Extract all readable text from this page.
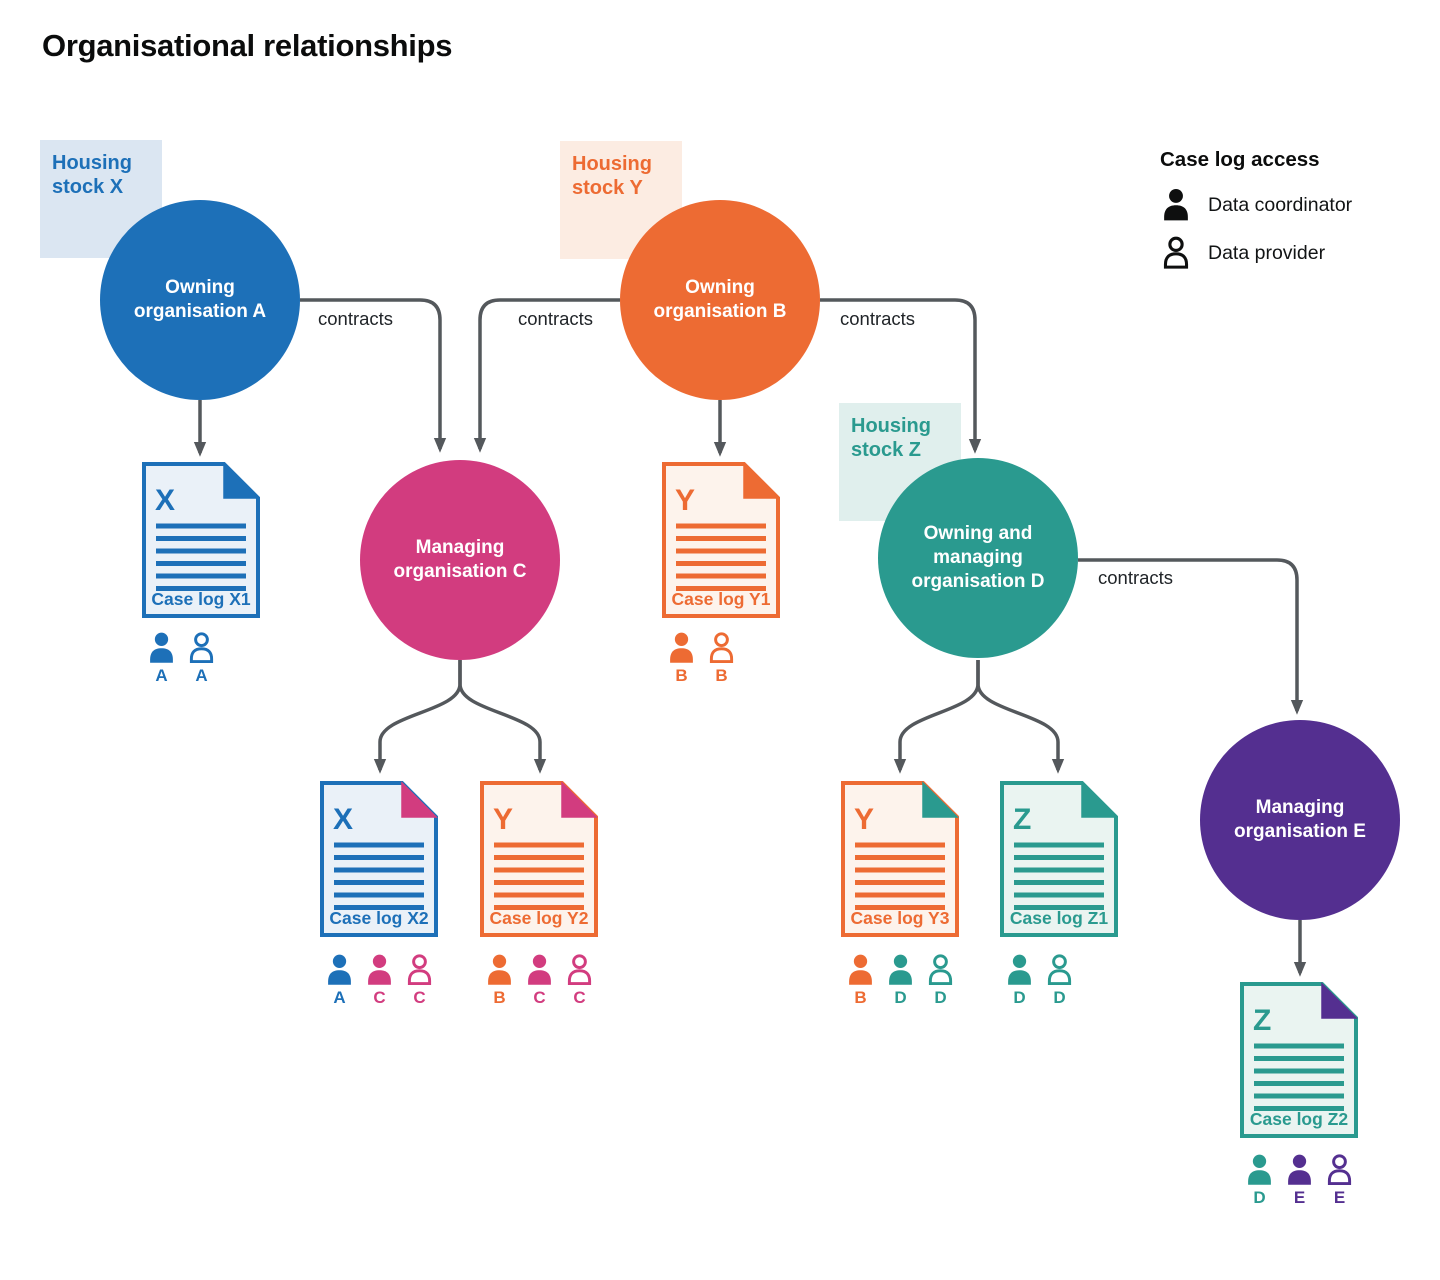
Organisational relationships
Housing stock X
Housing stock Y
Housing stock Z
contracts	contracts	contracts
contracts
Owning organisation A
Owning organisation B
Managing organisation C
Owning and managing organisation D
Managing organisation E
X
Case log X1
Y
Case log Y1
X
Case log X2
Y
Case log Y2
Y
Case log Y3
Z
Case log Z1
Z
Case log Z2
A A	B B
A C C	B C C	B D D	D D
D E E

Case log access

Data coordinator
Data provider
